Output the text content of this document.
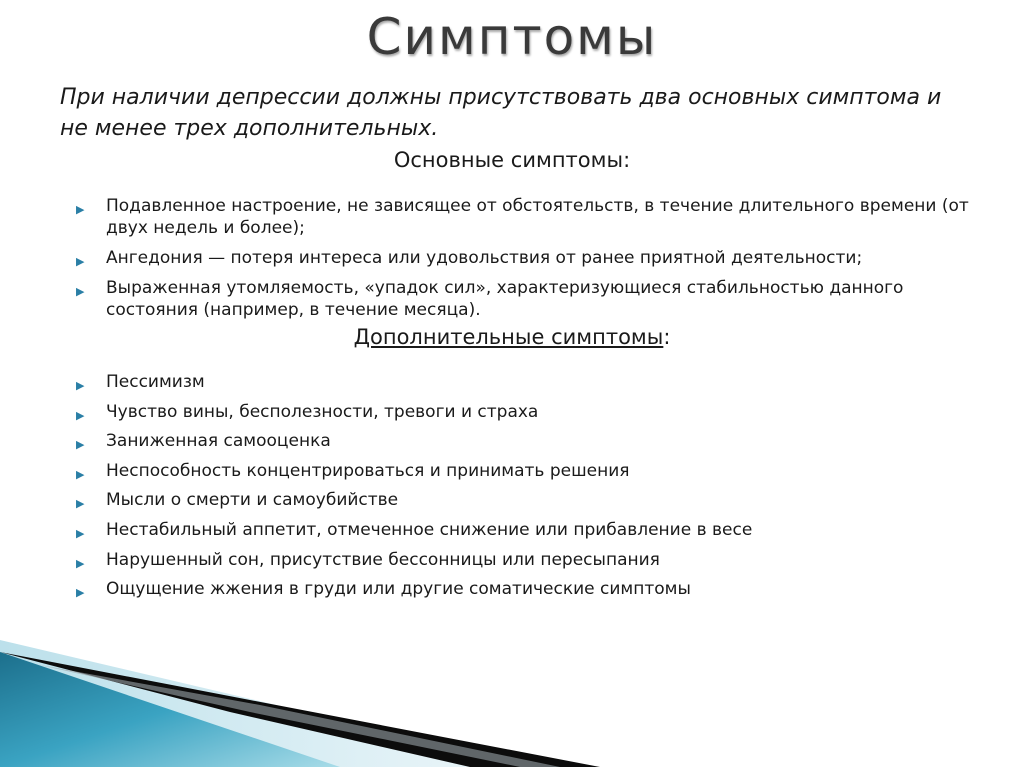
Симптомы
При наличии депрессии должны присутствовать два основных симптома и не менее трех дополнительных.
Основные симптомы:
▶ Подавленное настроение, не зависящее от обстоятельств, в течение длительного времени (от двух недель и более);
▶ Ангедония — потеря интереса или удовольствия от ранее приятной деятельности;
▶ Выраженная утомляемость, «упадок сил», характеризующиеся стабильностью данного состояния (например, в течение месяца).
Дополнительные симптомы:
▶ Пессимизм
▶ Чувство вины, бесполезности, тревоги и страха
▶ Заниженная самооценка
▶ Неспособность концентрироваться и принимать решения
▶ Мысли о смерти и самоубийстве
▶ Нестабильный аппетит, отмеченное снижение или прибавление в весе
▶ Нарушенный сон, присутствие бессонницы или пересыпания
▶ Ощущение жжения в груди или другие соматические симптомы
